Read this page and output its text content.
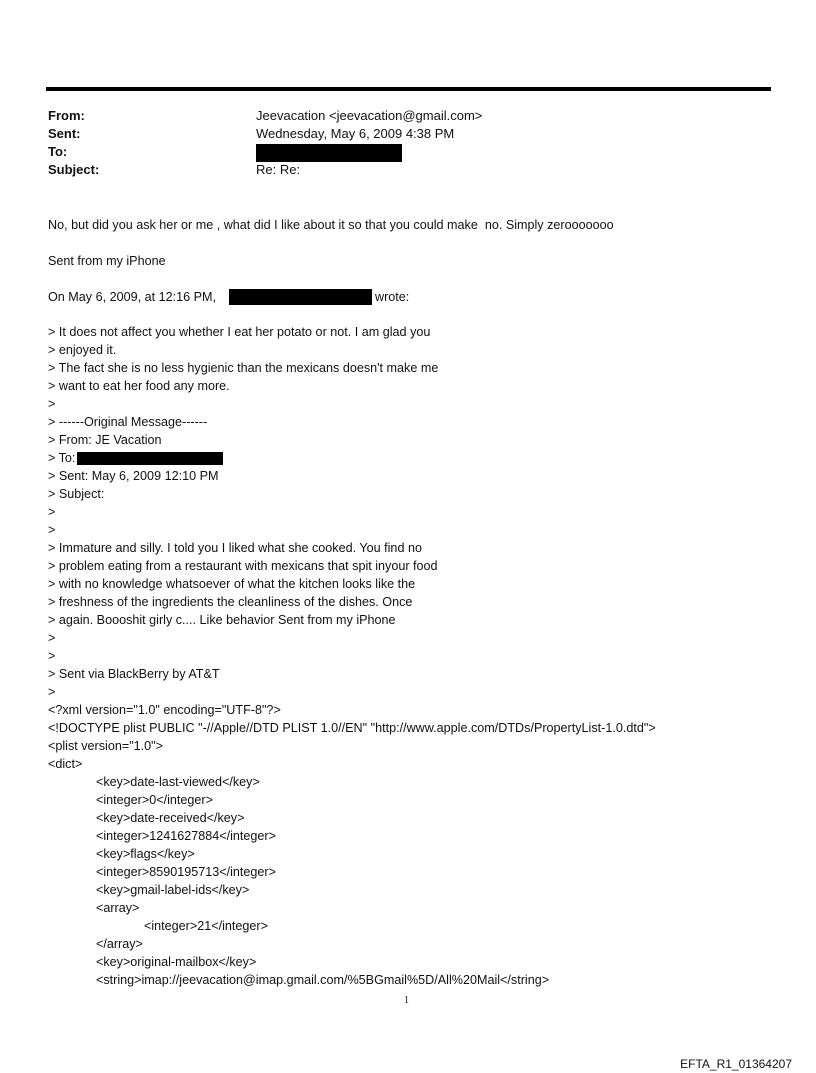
From:	Jeevacation <jeevacation@gmail.com>
Sent:	Wednesday, May 6, 2009 4:38 PM
To:
Subject:	Re: Re:
No, but did you ask her or me , what did I like about it so that you could make  no. Simply zerooooooo
Sent from my iPhone
On May 6, 2009, at 12:16 PM,	wrote:
> It does not affect you whether I eat her potato or not. I am glad you
> enjoyed it.
> The fact she is no less hygienic than the mexicans doesn't make me
> want to eat her food any more.
>
> ------Original Message------
> From: JE Vacation
> To:
> Sent: May 6, 2009 12:10 PM
> Subject:
>
>
> Immature and silly. I told you I liked what she cooked. You find no
> problem eating from a restaurant with mexicans that spit inyour food
> with no knowledge whatsoever of what the kitchen looks like the
> freshness of the ingredients the cleanliness of the dishes. Once
> again. Boooshit girly c.... Like behavior Sent from my iPhone
>
>
> Sent via BlackBerry by AT&T
>
<?xml version="1.0" encoding="UTF-8"?>
<!DOCTYPE plist PUBLIC "-//Apple//DTD PLIST 1.0//EN" "http://www.apple.com/DTDs/PropertyList-1.0.dtd">
<plist version="1.0">
<dict>
<key>date-last-viewed</key>
<integer>0</integer>
<key>date-received</key>
<integer>1241627884</integer>
<key>flags</key>
<integer>8590195713</integer>
<key>gmail-label-ids</key>
<array>
<integer>21</integer>
</array>
<key>original-mailbox</key>
<string>imap://jeevacation@imap.gmail.com/%5BGmail%5D/All%20Mail</string>
1
EFTA_R1_01364207
